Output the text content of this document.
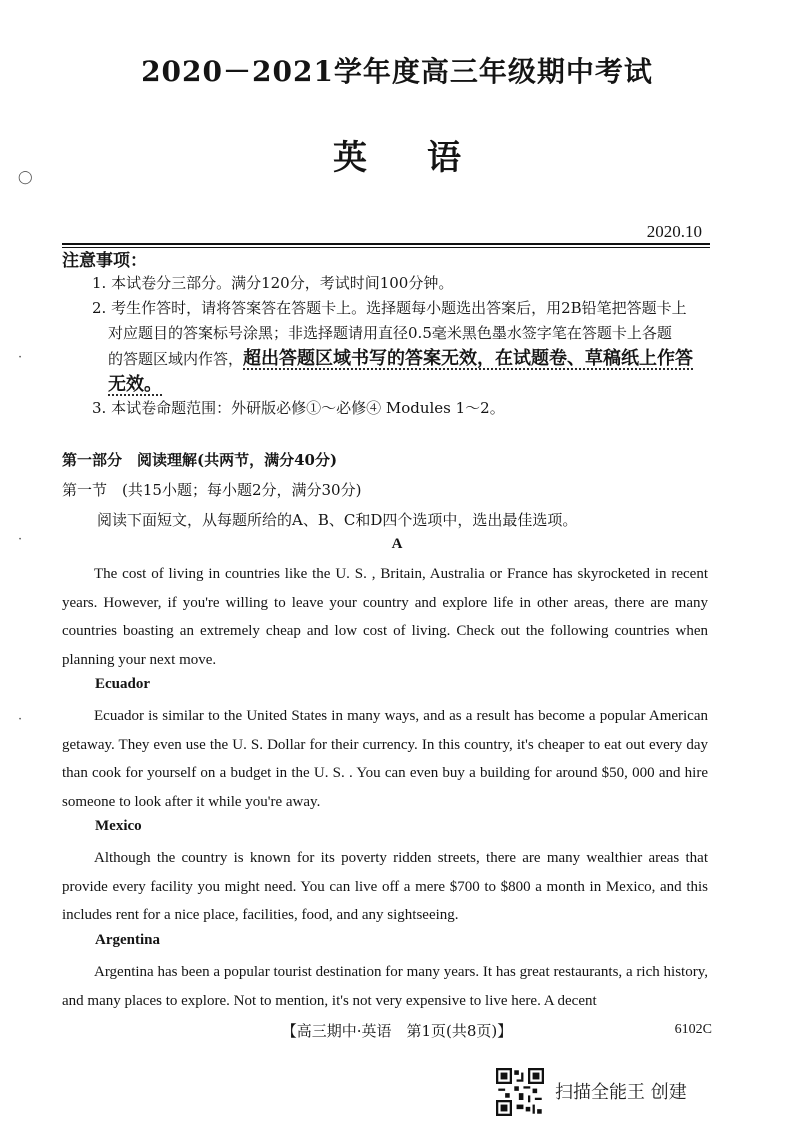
◯
·
·
·
2020－2021学年度高三年级期中考试
英语
2020.10
注意事项：
1. 本试卷分三部分。满分120分，考试时间100分钟。
2. 考生作答时，请将答案答在答题卡上。选择题每小题选出答案后，用2B铅笔把答题卡上
对应题目的答案标号涂黑；非选择题请用直径0.5毫米黑色墨水签字笔在答题卡上各题
的答题区域内作答，超出答题区域书写的答案无效，在试题卷、草稿纸上作答
无效。
3. 本试卷命题范围：外研版必修①～必修④ Modules 1～2。
第一部分　阅读理解(共两节，满分40分)
第一节　(共15小题；每小题2分，满分30分)
阅读下面短文，从每题所给的A、B、C和D四个选项中，选出最佳选项。
A
The cost of living in countries like the U. S. , Britain, Australia or France has skyrocketed in recent years. However, if you're willing to leave your country and explore life in other areas, there are many countries boasting an extremely cheap and low cost of living. Check out the following countries when planning your next move.
Ecuador
Ecuador is similar to the United States in many ways, and as a result has become a popular American getaway. They even use the U. S. Dollar for their currency. In this country, it's cheaper to eat out every day than cook for yourself on a budget in the U. S. . You can even buy a building for around $50, 000 and hire someone to look after it while you're away.
Mexico
Although the country is known for its poverty ridden streets, there are many wealthier areas that provide every facility you might need. You can live off a mere $700 to $800 a month in Mexico, and this includes rent for a nice place, facilities, food, and any sightseeing.
Argentina
Argentina has been a popular tourist destination for many years. It has great restaurants, a rich history, and many places to explore. Not to mention, it's not very expensive to live here. A decent
【高三期中·英语　第1页(共8页)】	6102C
扫描全能王 创建
